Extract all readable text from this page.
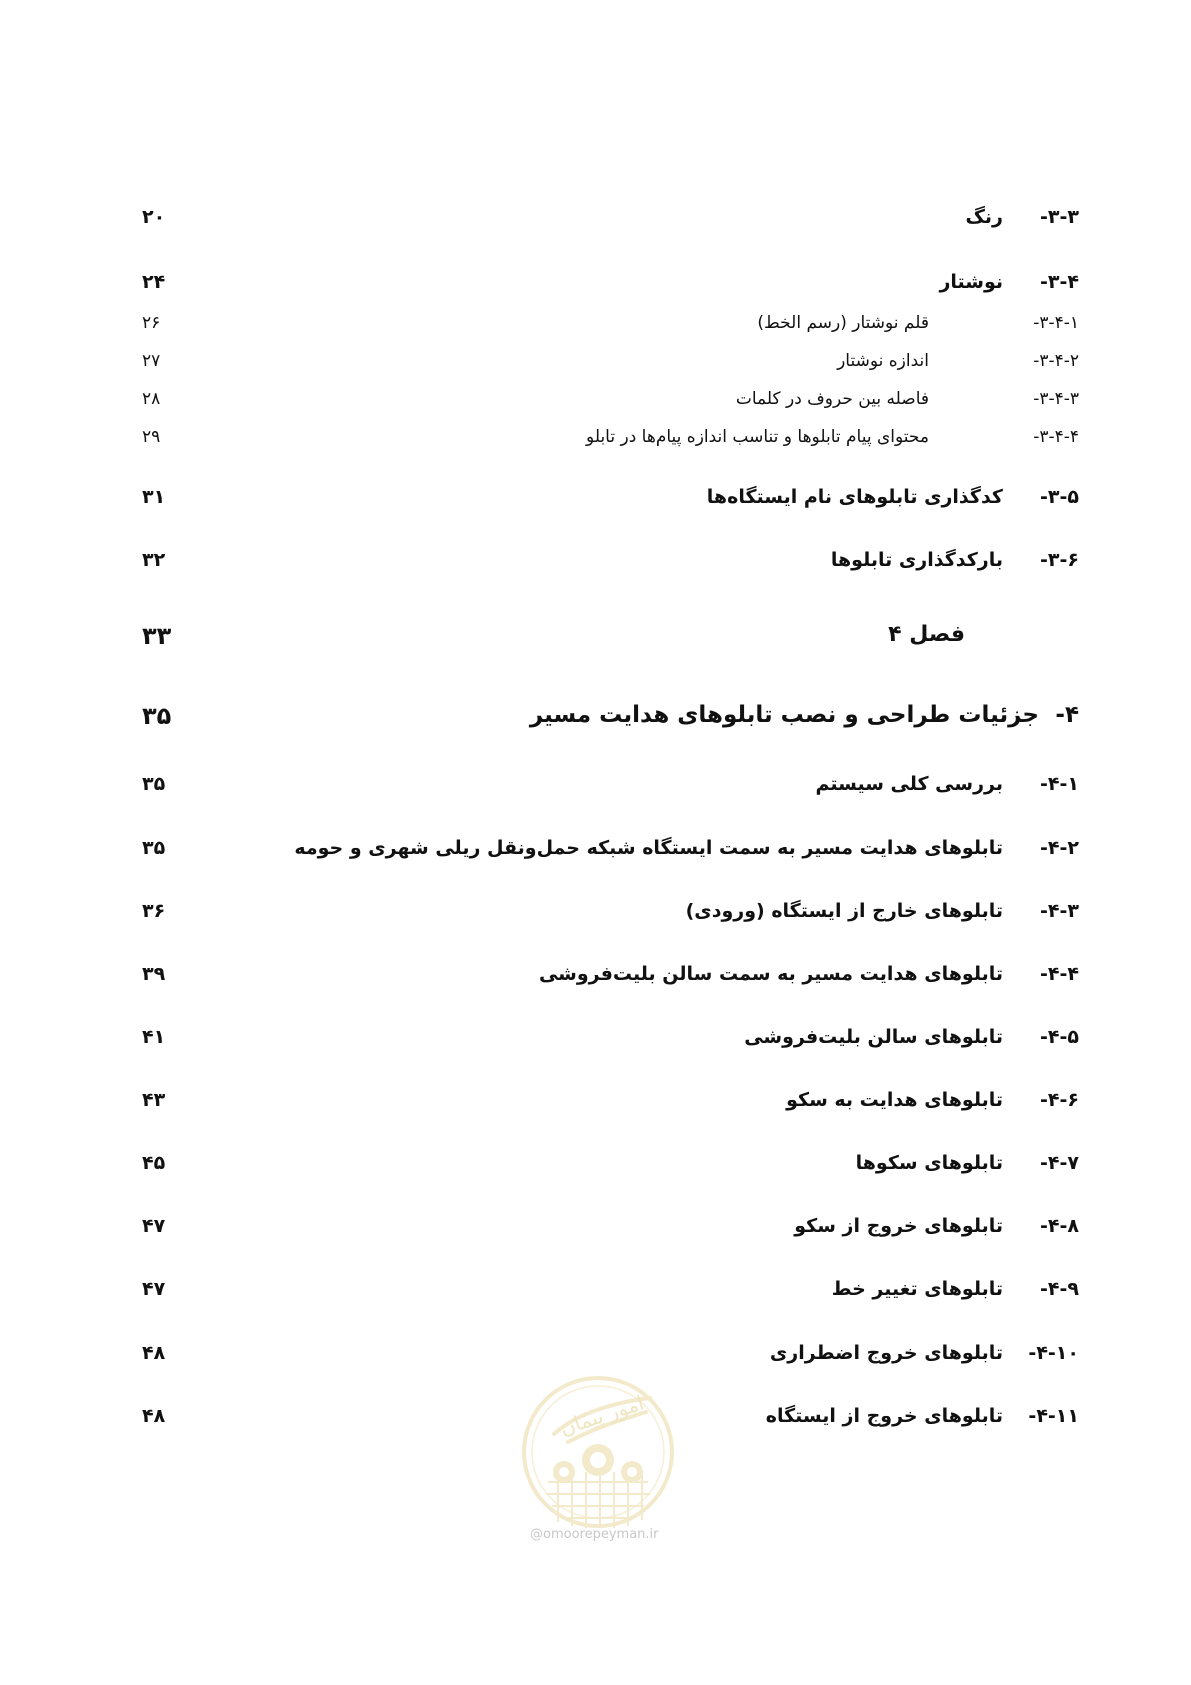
۳-۳-
رنگ
۲۰
۳-۴-
نوشتار
۲۴
۳-۴-۱-
قلم نوشتار (رسم الخط)
۲۶
۳-۴-۲-
اندازه نوشتار
۲۷
۳-۴-۳-
فاصله بین حروف در کلمات
۲۸
۳-۴-۴-
محتوای پیام تابلوها و تناسب اندازه پیام‌ها در تابلو
۲۹
۳-۵-
کدگذاری تابلوهای نام ایستگاه‌ها
۳۱
۳-۶-
بارکدگذاری تابلوها
۳۲
فصل ۴
۳۳
۴-
جزئیات طراحی و نصب تابلوهای هدایت مسیر
۳۵
۴-۱-
بررسی کلی سیستم
۳۵
۴-۲-
تابلوهای هدایت مسیر به سمت ایستگاه شبکه حمل‌ونقل ریلی شهری و حومه
۳۵
۴-۳-
تابلوهای خارج از ایستگاه (ورودی)
۳۶
۴-۴-
تابلوهای هدایت مسیر به سمت سالن بلیت‌فروشی
۳۹
۴-۵-
تابلوهای سالن بلیت‌فروشی
۴۱
۴-۶-
تابلوهای هدایت به سکو
۴۳
۴-۷-
تابلوهای سکوها
۴۵
۴-۸-
تابلوهای خروج از سکو
۴۷
۴-۹-
تابلوهای تغییر خط
۴۷
۴-۱۰-
تابلوهای خروج اضطراری
۴۸
۴-۱۱-
تابلوهای خروج از ایستگاه
۴۸	امور پیمان
@omoorepeyman.ir
